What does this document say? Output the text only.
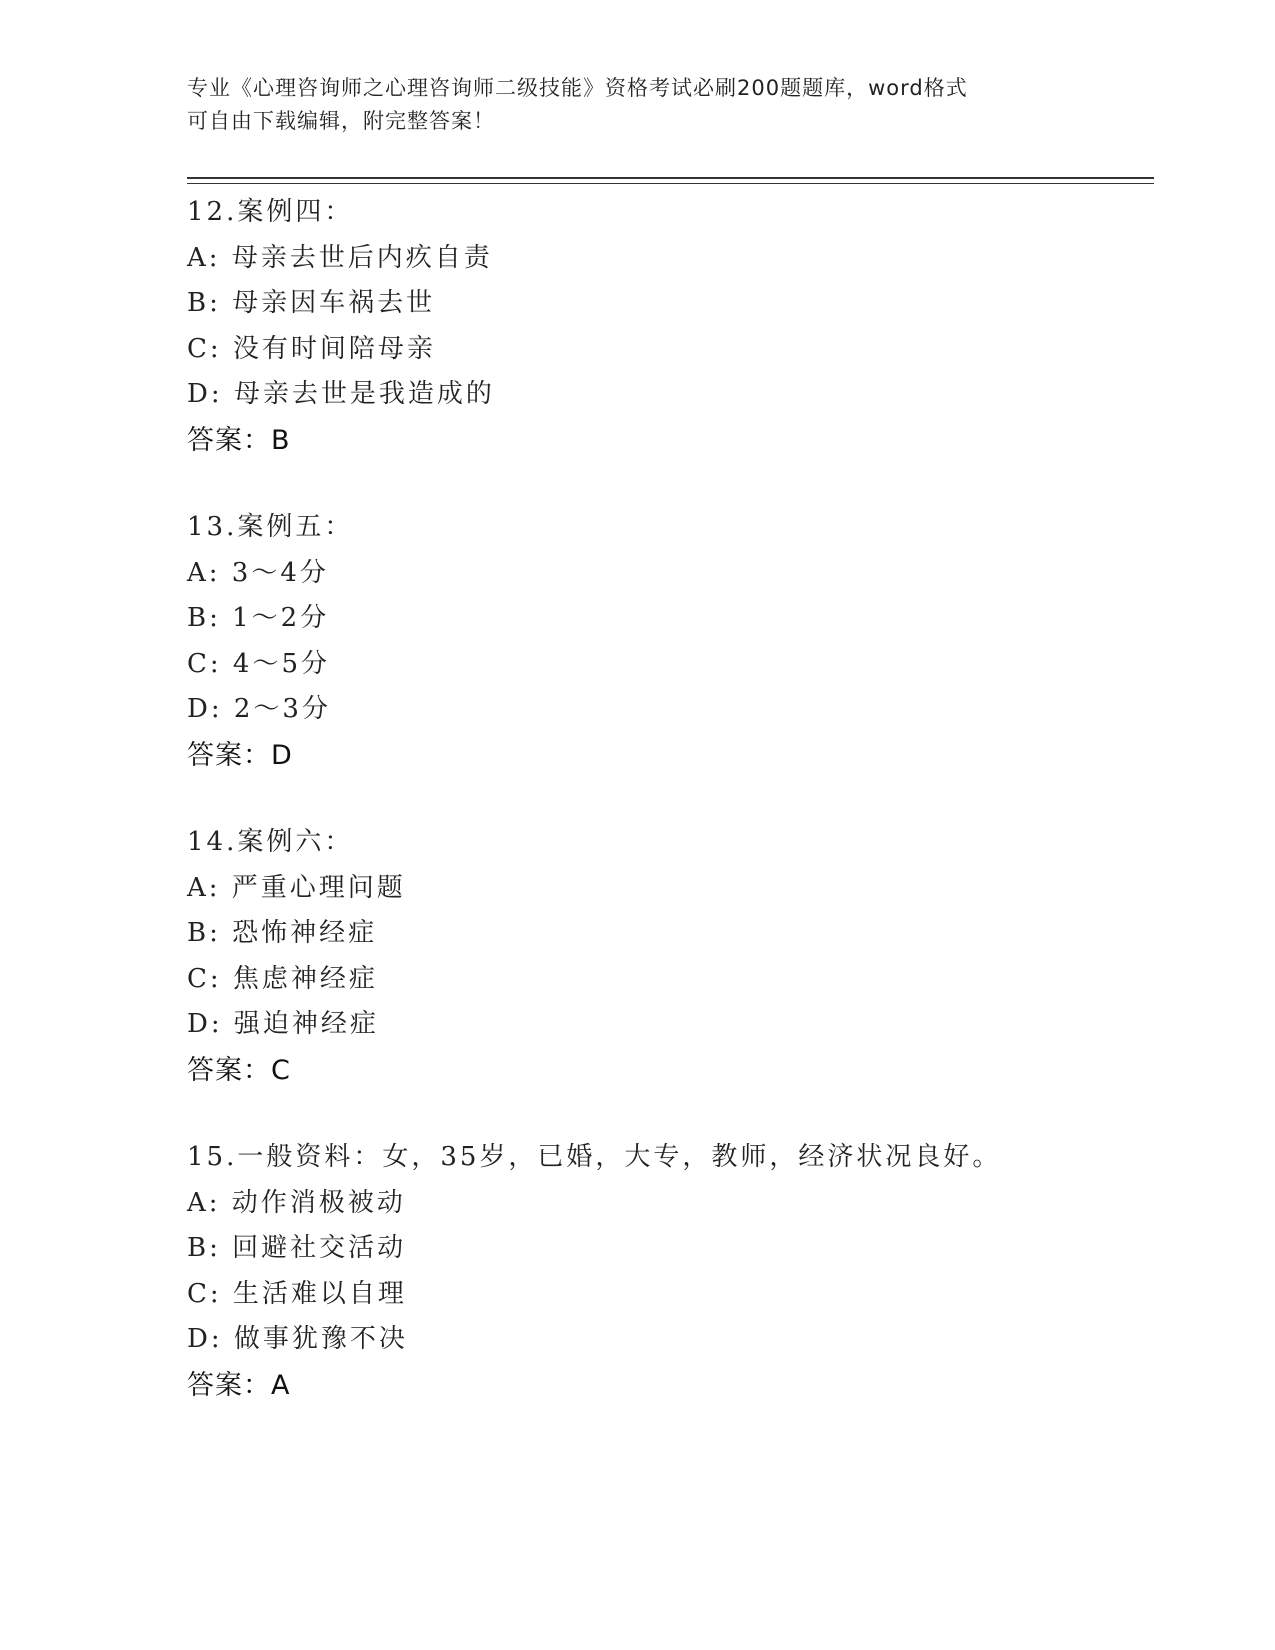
专业《心理咨询师之心理咨询师二级技能》资格考试必刷200题题库，word格式
可自由下载编辑，附完整答案！
12.案例四：
A: 母亲去世后内疚自责
B: 母亲因车祸去世
C: 没有时间陪母亲
D: 母亲去世是我造成的
答案：B
13.案例五：
A: 3～4分
B: 1～2分
C: 4～5分
D: 2～3分
答案：D
14.案例六：
A: 严重心理问题
B: 恐怖神经症
C: 焦虑神经症
D: 强迫神经症
答案：C
15.一般资料：女，35岁，已婚，大专，教师，经济状况良好。
A: 动作消极被动
B: 回避社交活动
C: 生活难以自理
D: 做事犹豫不决
答案：A
